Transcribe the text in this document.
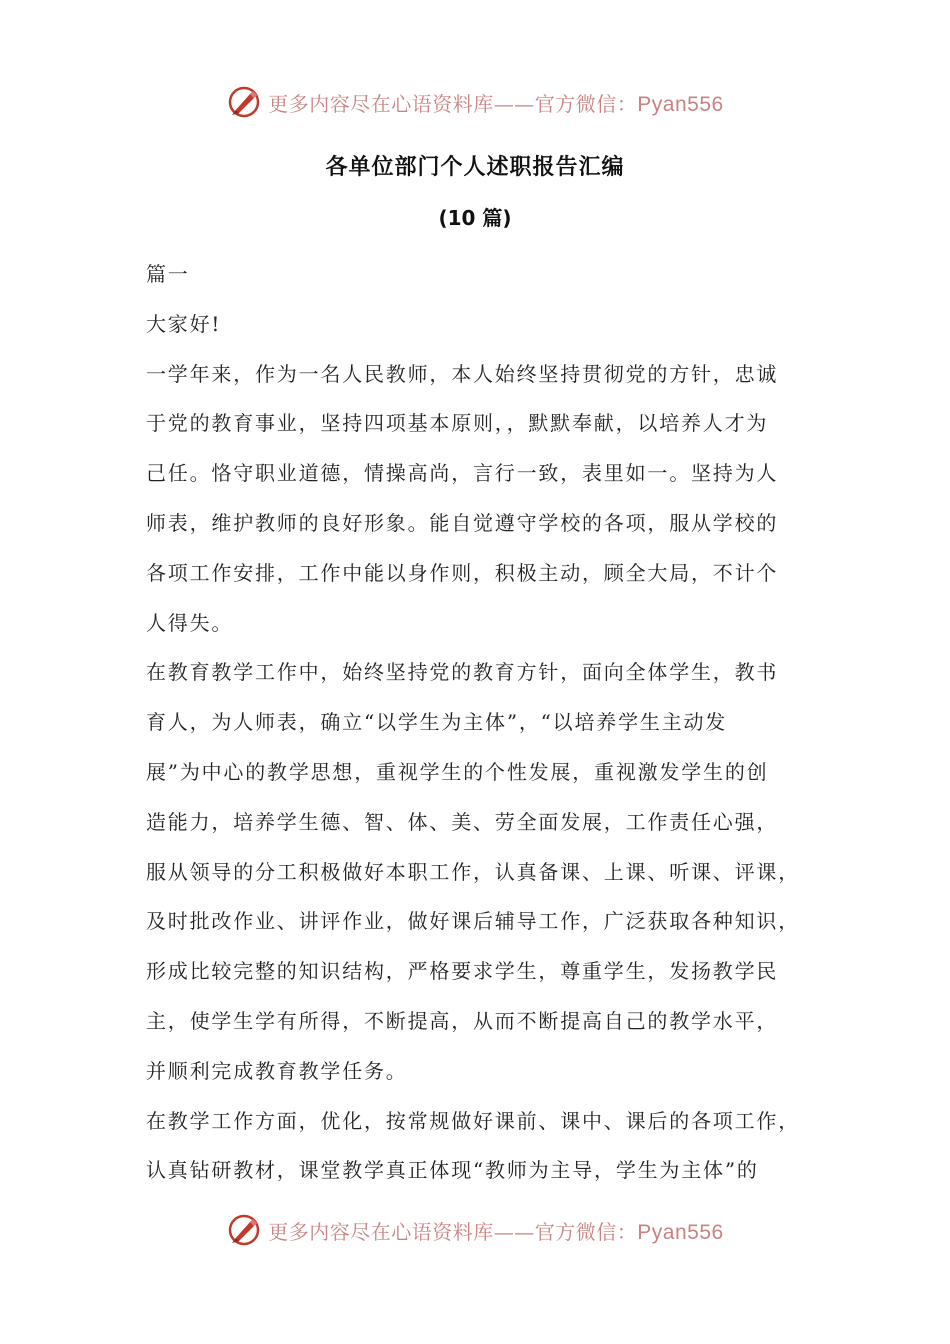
更多内容尽在心语资料库——官方微信：Pyan556
各单位部门个人述职报告汇编
(10 篇)
篇一
大家好!
一学年来，作为一名人民教师，本人始终坚持贯彻党的方针，忠诚
于党的教育事业，坚持四项基本原则，，默默奉献，以培养人才为
己任。恪守职业道德，情操高尚，言行一致，表里如一。坚持为人
师表，维护教师的良好形象。能自觉遵守学校的各项，服从学校的
各项工作安排，工作中能以身作则，积极主动，顾全大局，不计个
人得失。
在教育教学工作中，始终坚持党的教育方针，面向全体学生，教书
育人，为人师表，确立“以学生为主体”，“以培养学生主动发
展”为中心的教学思想，重视学生的个性发展，重视激发学生的创
造能力，培养学生德、智、体、美、劳全面发展，工作责任心强，
服从领导的分工积极做好本职工作，认真备课、上课、听课、评课，
及时批改作业、讲评作业，做好课后辅导工作，广泛获取各种知识，
形成比较完整的知识结构，严格要求学生，尊重学生，发扬教学民
主，使学生学有所得，不断提高，从而不断提高自己的教学水平，
并顺利完成教育教学任务。
在教学工作方面，优化，按常规做好课前、课中、课后的各项工作，
认真钻研教材，课堂教学真正体现“教师为主导，学生为主体”的
更多内容尽在心语资料库——官方微信：Pyan556
